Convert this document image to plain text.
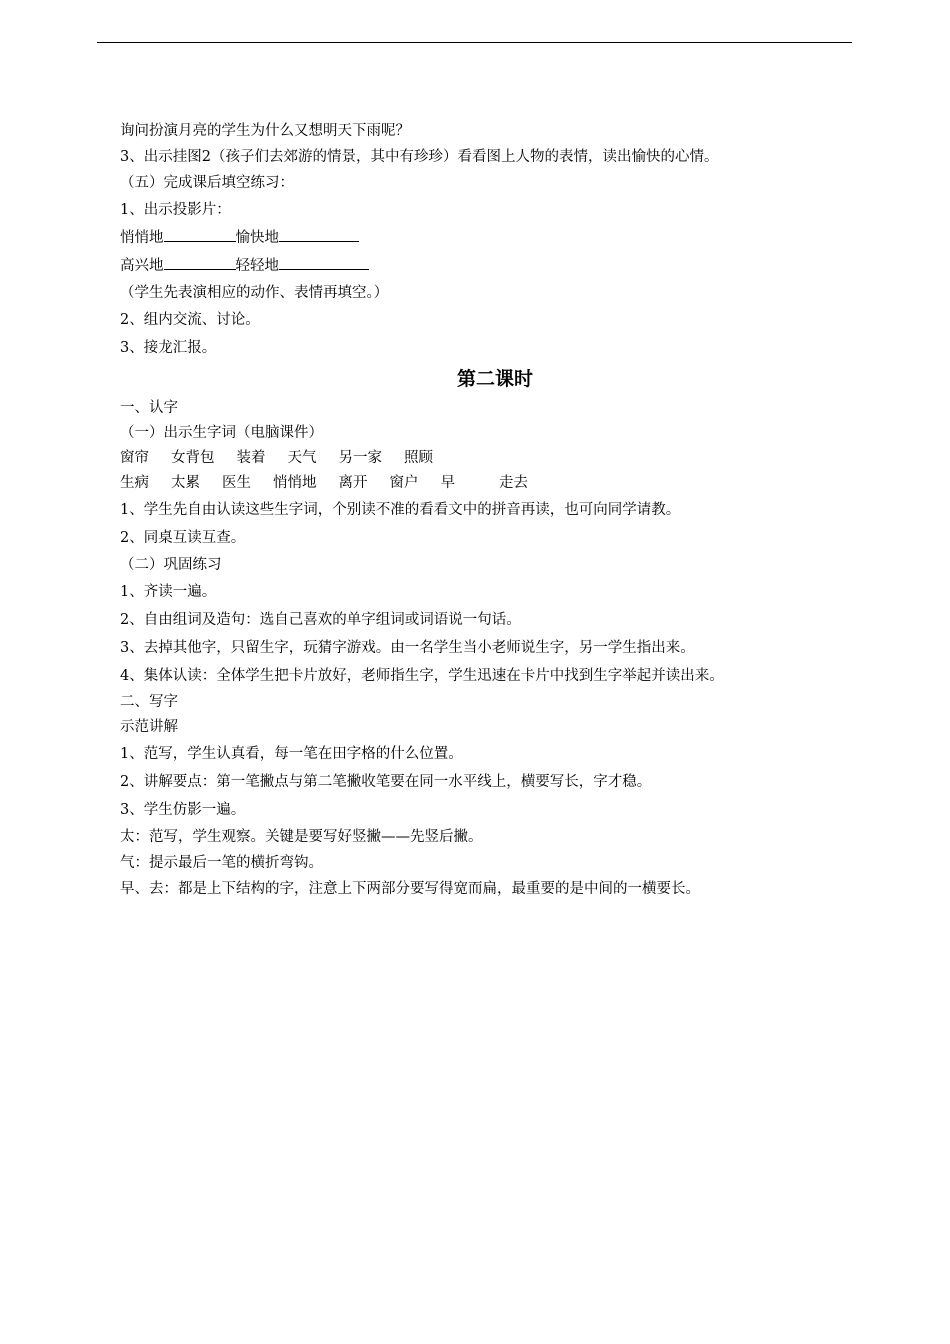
询问扮演月亮的学生为什么又想明天下雨呢？
3、出示挂图2（孩子们去郊游的情景，其中有珍珍）看看图上人物的表情，读出愉快的心情。
（五）完成课后填空练习：
1、出示投影片：
悄悄地	愉快地
高兴地	轻轻地
（学生先表演相应的动作、表情再填空。）
2、组内交流、讨论。
3、接龙汇报。
第二课时
一、认字
（一）出示生字词（电脑课件）
窗帘 女背包 装着 天气 另一家 照顾
生病 太累 医生 悄悄地 离开 窗户 早	走去
1、学生先自由认读这些生字词，个别读不准的看看文中的拼音再读，也可向同学请教。
2、同桌互读互查。
（二）巩固练习
1、齐读一遍。
2、自由组词及造句：选自己喜欢的单字组词或词语说一句话。
3、去掉其他字，只留生字，玩猜字游戏。由一名学生当小老师说生字，另一学生指出来。
4、集体认读：全体学生把卡片放好，老师指生字，学生迅速在卡片中找到生字举起并读出来。
二、写字
示范讲解
1、范写，学生认真看，每一笔在田字格的什么位置。
2、讲解要点：第一笔撇点与第二笔撇收笔要在同一水平线上，横要写长，字才稳。
3、学生仿影一遍。
太：范写，学生观察。关键是要写好竖撇——先竖后撇。
气：提示最后一笔的横折弯钩。
早、去：都是上下结构的字，注意上下两部分要写得宽而扁，最重要的是中间的一横要长。
